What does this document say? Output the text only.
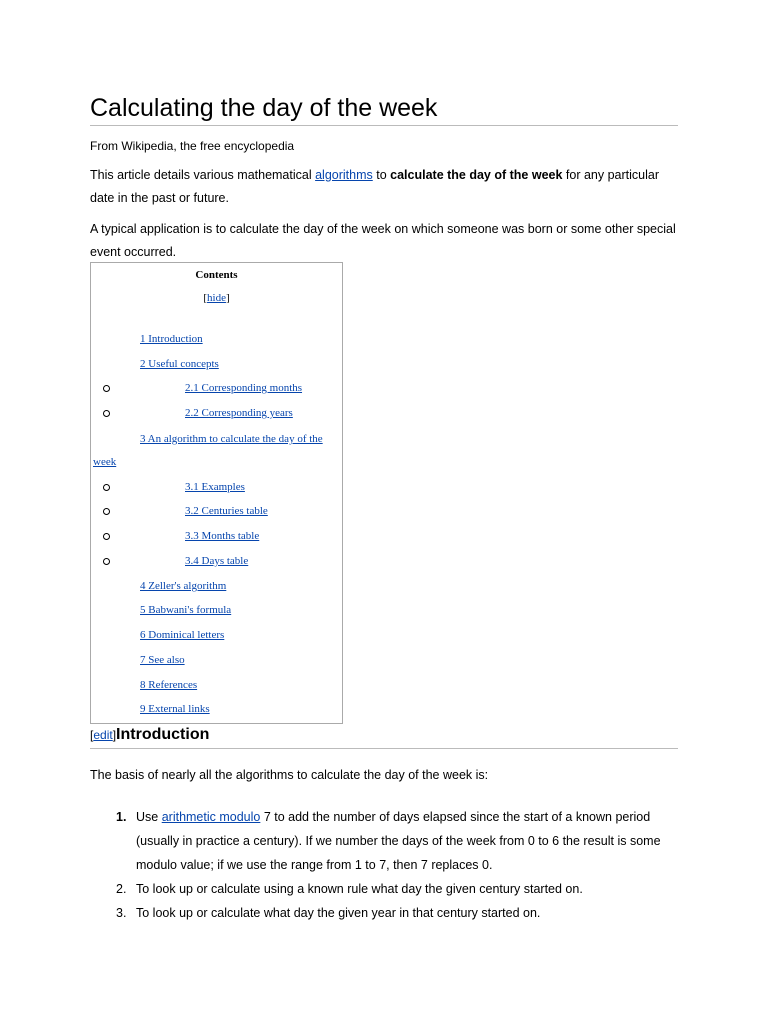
Calculating the day of the week
From Wikipedia, the free encyclopedia

This article details various mathematical algorithms to calculate the day of the week for any particular date in the past or future.

A typical application is to calculate the day of the week on which someone was born or some other special event occurred.

Contents
[hide]
1 Introduction
2 Useful concepts
2.1 Corresponding months
2.2 Corresponding years
3 An algorithm to calculate the day of the
week
3.1 Examples
3.2 Centuries table
3.3 Months table
3.4 Days table
4 Zeller's algorithm
5 Babwani's formula
6 Dominical letters
7 See also
8 References
9 External links
[edit]Introduction
The basis of nearly all the algorithms to calculate the day of the week is:
1. Use arithmetic modulo 7 to add the number of days elapsed since the start of a known period (usually in practice a century). If we number the days of the week from 0 to 6 the result is some modulo value; if we use the range from 1 to 7, then 7 replaces 0.
2. To look up or calculate using a known rule what day the given century started on.
3. To look up or calculate what day the given year in that century started on.
